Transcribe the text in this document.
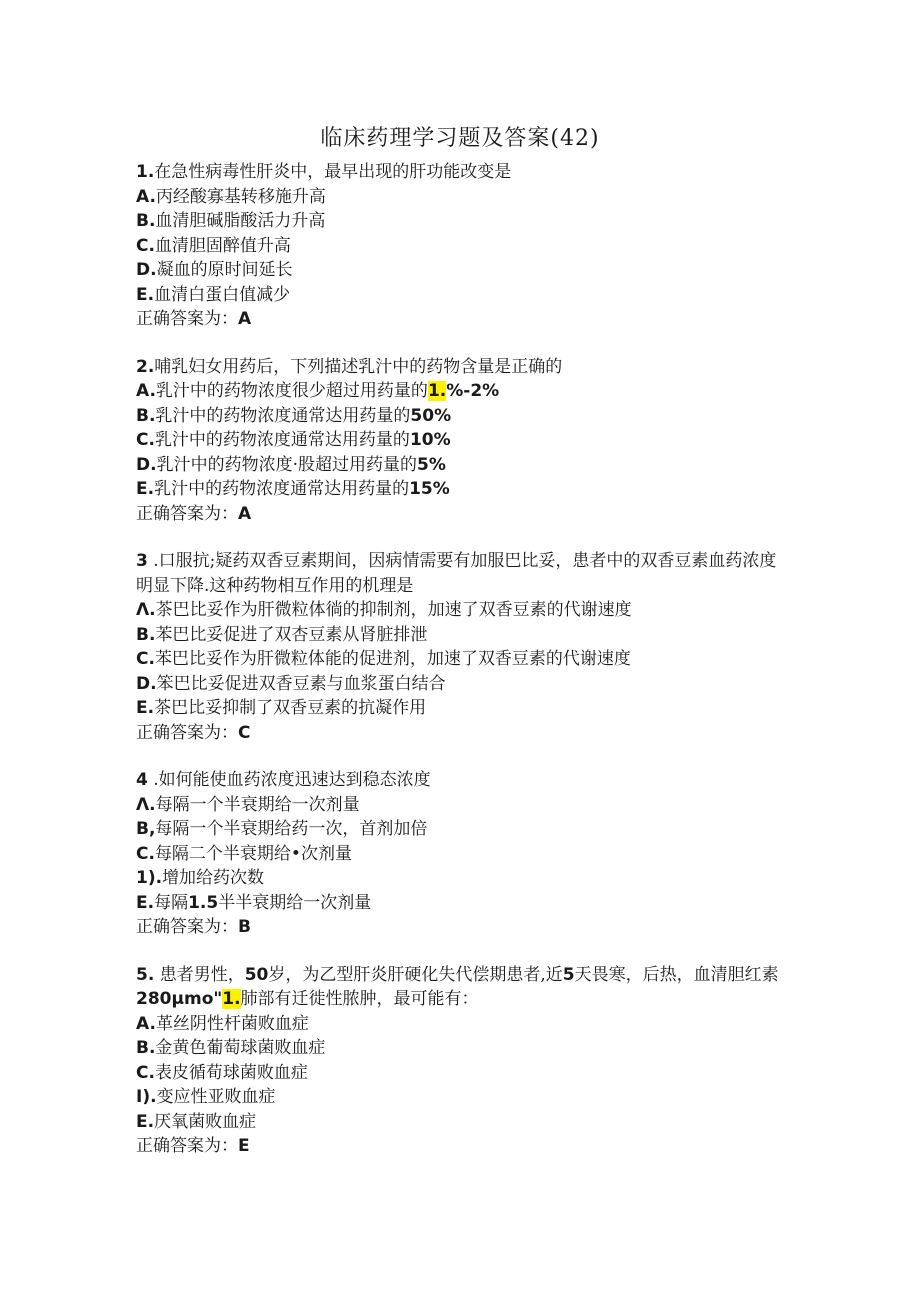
临床药理学习题及答案(42)
1.在急性病毒性肝炎中，最早出现的肝功能改变是
A.丙经酸寡基转移施升高
B.血清胆碱脂酸活力升高
C.血清胆固醉值升高
D.凝血的原时间延长
E.血清白蛋白值减少
正确答案为：A
2.哺乳妇女用药后，下列描述乳汁中的药物含量是正确的
A.乳汁中的药物浓度很少超过用药量的1.%-2%
B.乳汁中的药物浓度通常达用药量的50%
C.乳汁中的药物浓度通常达用药量的10%
D.乳汁中的药物浓度·股超过用药量的5%
E.乳汁中的药物浓度通常达用药量的15%
正确答案为：A
3 .口服抗;疑药双香豆素期间，因病情需要有加服巴比妥，患者中的双香豆素血药浓度明显下降.这种药物相互作用的机理是
Λ.茶巴比妥作为肝微粒体徜的抑制剂，加速了双香豆素的代谢速度
B.苯巴比妥促进了双杏豆素从肾脏排泄
C.苯巴比妥作为肝微粒体能的促进剂，加速了双香豆素的代谢速度
D.笨巴比妥促进双香豆素与血浆蛋白结合
E.茶巴比妥抑制了双香豆素的抗凝作用
正确答案为：C
4 .如何能使血药浓度迅速达到稳态浓度
Λ.每隔一个半衰期给一次剂量
B,每隔一个半衰期给药一次，首剂加倍
C.每隔二个半衰期给•次剂量
1).增加给药次数
E.每隔1.5半半衰期给一次剂量
正确答案为：B
5. 患者男性，50岁，为乙型肝炎肝硬化失代偿期患者,近5天畏寒，后热，血清胆红素280μmo"1.肺部有迁徙性脓肿，最可能有：
A.革丝阴性杆菌败血症
B.金黄色葡萄球菌败血症
C.表皮循荀球菌败血症
I).变应性亚败血症
E.厌氧菌败血症
正确答案为：E
